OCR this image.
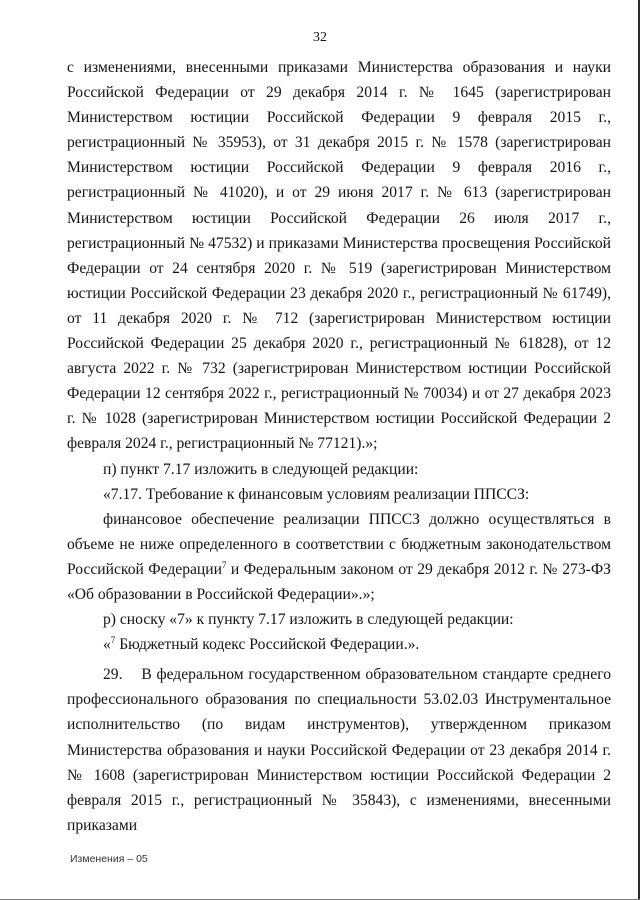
32

с изменениями, внесенными приказами Министерства образования и науки Российской Федерации от 29 декабря 2014 г. № 1645 (зарегистрирован Министерством юстиции Российской Федерации 9 февраля 2015 г., регистрационный № 35953), от 31 декабря 2015 г. № 1578 (зарегистрирован Министерством юстиции Российской Федерации 9 февраля 2016 г., регистрационный № 41020), и от 29 июня 2017 г. № 613 (зарегистрирован Министерством юстиции Российской Федерации 26 июля 2017 г., регистрационный № 47532) и приказами Министерства просвещения Российской Федерации от 24 сентября 2020 г. № 519 (зарегистрирован Министерством юстиции Российской Федерации 23 декабря 2020 г., регистрационный № 61749), от 11 декабря 2020 г. № 712 (зарегистрирован Министерством юстиции Российской Федерации 25 декабря 2020 г., регистрационный № 61828), от 12 августа 2022 г. № 732 (зарегистрирован Министерством юстиции Российской Федерации 12 сентября 2022 г., регистрационный № 70034) и от 27 декабря 2023 г. № 1028 (зарегистрирован Министерством юстиции Российской Федерации 2 февраля 2024 г., регистрационный № 77121).»;

п) пункт 7.17 изложить в следующей редакции:

«7.17. Требование к финансовым условиям реализации ППССЗ:

финансовое обеспечение реализации ППССЗ должно осуществляться в объеме не ниже определенного в соответствии с бюджетным законодательством Российской Федерации$^7$ и Федеральным законом от 29 декабря 2012 г. № 273-ФЗ «Об образовании в Российской Федерации».»;

р) сноску «7» к пункту 7.17 изложить в следующей редакции:

«$^7$ Бюджетный кодекс Российской Федерации.».

29. В федеральном государственном образовательном стандарте среднего профессионального образования по специальности 53.02.03 Инструментальное исполнительство (по видам инструментов), утвержденном приказом Министерства образования и науки Российской Федерации от 23 декабря 2014 г. № 1608 (зарегистрирован Министерством юстиции Российской Федерации 2 февраля 2015 г., регистрационный № 35843), с изменениями, внесенными приказами

Изменения – 05
